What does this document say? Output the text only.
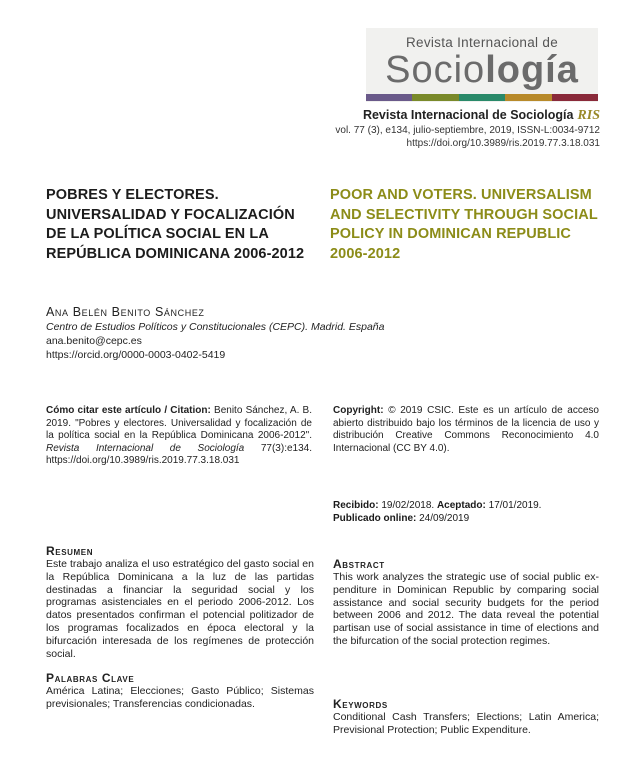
Revista Internacional de
Sociología
Revista Internacional de Sociología RIS
vol. 77 (3), e134, julio-septiembre, 2019, ISSN-L:0034-9712
https://doi.org/10.3989/ris.2019.77.3.18.031
POBRES Y ELECTORES. UNIVERSALIDAD Y FOCALIZACIÓN DE LA POLÍTICA SOCIAL EN LA REPÚBLICA DOMINICANA 2006-2012
POOR AND VOTERS. UNIVERSALISM AND SELECTIVITY THROUGH SOCIAL POLICY IN DOMINICAN REPUBLIC 2006-2012
Ana Belén Benito Sánchez
Centro de Estudios Políticos y Constitucionales (CEPC). Madrid. España
ana.benito@cepc.es
https://orcid.org/0000-0003-0402-5419
Cómo citar este artículo / Citation: Benito Sánchez, A. B. 2019. "Pobres y electores. Universalidad y focalización de la política social en la República Dominicana 2006-2012". Revista Internacional de Sociología 77(3):e134. https://doi.org/10.3989/ris.2019.77.3.18.031
Copyright: © 2019 CSIC. Este es un artículo de acceso abierto distribuido bajo los términos de la licencia de uso y distribución Creative Commons Reconocimiento 4.0 Internacional (CC BY 4.0).
Recibido: 19/02/2018. Aceptado: 17/01/2019.
Publicado online: 24/09/2019
Resumen
Este trabajo analiza el uso estratégico del gasto social en la República Dominicana a la luz de las partidas destinadas a financiar la seguridad social y los programas asistenciales en el periodo 2006-2012. Los datos presentados confirman el potencial politizador de los programas focalizados en época electoral y la bifurcación interesada de los regímenes de protección social.
Abstract
This work analyzes the strategic use of social public ex-penditure in Dominican Republic by comparing social assistance and social security budgets for the period between 2006 and 2012. The data reveal the potential partisan use of social assistance in time of elections and the bifurcation of the social protection regimes.
Palabras Clave
América Latina; Elecciones; Gasto Público; Sistemas previsionales; Transferencias condicionadas.	Keywords
Conditional Cash Transfers; Elections; Latin America; Previsional Protection; Public Expenditure.
